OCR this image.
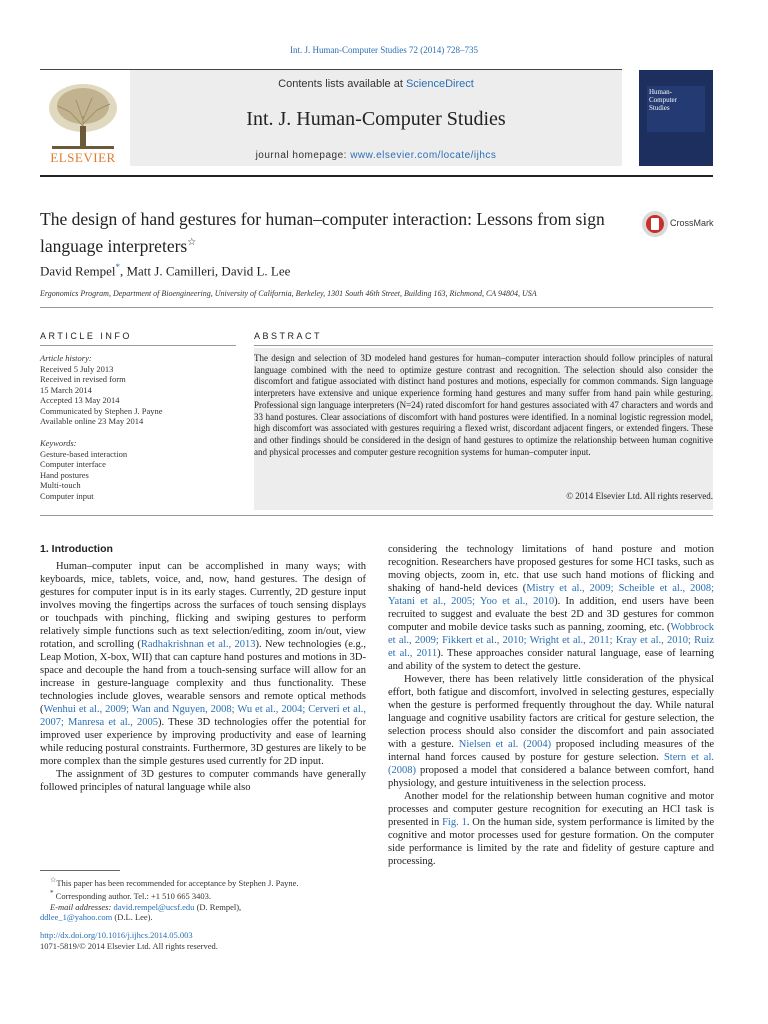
Int. J. Human-Computer Studies 72 (2014) 728–735
ELSEVIER
Contents lists available at ScienceDirect
Int. J. Human-Computer Studies
journal homepage: www.elsevier.com/locate/ijhcs
Human-
Computer
Studies
The design of hand gestures for human–computer interaction: Lessons from sign language interpreters☆
CrossMark
David Rempel*, Matt J. Camilleri, David L. Lee
Ergonomics Program, Department of Bioengineering, University of California, Berkeley, 1301 South 46th Street, Building 163, Richmond, CA 94804, USA
ARTICLE INFO	ABSTRACT
Article history:
Received 5 July 2013
Received in revised form
15 March 2014
Accepted 13 May 2014
Communicated by Stephen J. Payne
Available online 23 May 2014
Keywords:
Gesture-based interaction
Computer interface
Hand postures
Multi-touch
Computer input
The design and selection of 3D modeled hand gestures for human–computer interaction should follow principles of natural language combined with the need to optimize gesture contrast and recognition. The selection should also consider the discomfort and fatigue associated with distinct hand postures and motions, especially for common commands. Sign language interpreters have extensive and unique experience forming hand gestures and many suffer from hand pain while gesturing. Professional sign language interpreters (N=24) rated discomfort for hand gestures associated with 47 characters and words and 33 hand postures. Clear associations of discomfort with hand postures were identified. In a nominal logistic regression model, high discomfort was associated with gestures requiring a flexed wrist, discordant adjacent fingers, or extended fingers. These and other findings should be considered in the design of hand gestures to optimize the relationship between human cognitive and physical processes and computer gesture recognition systems for human–computer input.
© 2014 Elsevier Ltd. All rights reserved.
1. Introduction

Human–computer input can be accomplished in many ways; with keyboards, mice, tablets, voice, and, now, hand gestures. The design of gestures for computer input is in its early stages. Currently, 2D gesture input involves moving the fingertips across the surfaces of touch sensing displays or touchpads with pinching, flicking and swiping gestures to perform relatively simple functions such as text selection/editing, zoom in/out, view rotation, and scrolling (Radhakrishnan et al., 2013). New technologies (e.g., Leap Motion, X-box, WII) that can capture hand postures and motions in 3D-space and decouple the hand from a touch-sensing surface will allow for an increase in gesture-language complexity and thus functionality. These technologies include gloves, wearable sensors and remote optical methods (Wenhui et al., 2009; Wan and Nguyen, 2008; Wu et al., 2004; Cerveri et al., 2007; Manresa et al., 2005). These 3D technologies offer the potential for improved user experience by improving productivity and ease of learning while reducing postural constraints. Furthermore, 3D gestures are likely to be more complex than the simple gestures used currently for 2D input.

The assignment of 3D gestures to computer commands have generally followed principles of natural language while also

considering the technology limitations of hand posture and motion recognition. Researchers have proposed gestures for some HCI tasks, such as moving objects, zoom in, etc. that use such hand motions of flicking and shaking of hand-held devices (Mistry et al., 2009; Scheible et al., 2008; Yatani et al., 2005; Yoo et al., 2010). In addition, end users have been recruited to suggest and evaluate the best 2D and 3D gestures for common computer and mobile device tasks such as panning, zooming, etc. (Wobbrock et al., 2009; Fikkert et al., 2010; Wright et al., 2011; Kray et al., 2010; Ruiz et al., 2011). These approaches consider natural language, ease of learning and ability of the system to detect the gesture.

However, there has been relatively little consideration of the physical effort, both fatigue and discomfort, involved in selecting gestures, especially when the gesture is performed frequently throughout the day. While natural language and cognitive usability factors are critical for gesture selection, the selection process should also consider the discomfort and pain associated with a gesture. Nielsen et al. (2004) proposed including measures of the internal hand forces caused by posture for gesture selection. Stern et al. (2008) proposed a model that considered a balance between comfort, hand physiology, and gesture intuitiveness in the selection process.

Another model for the relationship between human cognitive and motor processes and computer gesture recognition for executing an HCI task is presented in Fig. 1. On the human side, system performance is limited by the cognitive and motor processes used for gesture formation. On the computer side performance is limited by the rate and fidelity of gesture capture and processing.

☆This paper has been recommended for acceptance by Stephen J. Payne.
* Corresponding author. Tel.: +1 510 665 3403.
E-mail addresses: david.rempel@ucsf.edu (D. Rempel),
ddlee_1@yahoo.com (D.L. Lee).
http://dx.doi.org/10.1016/j.ijhcs.2014.05.003
1071-5819/© 2014 Elsevier Ltd. All rights reserved.
